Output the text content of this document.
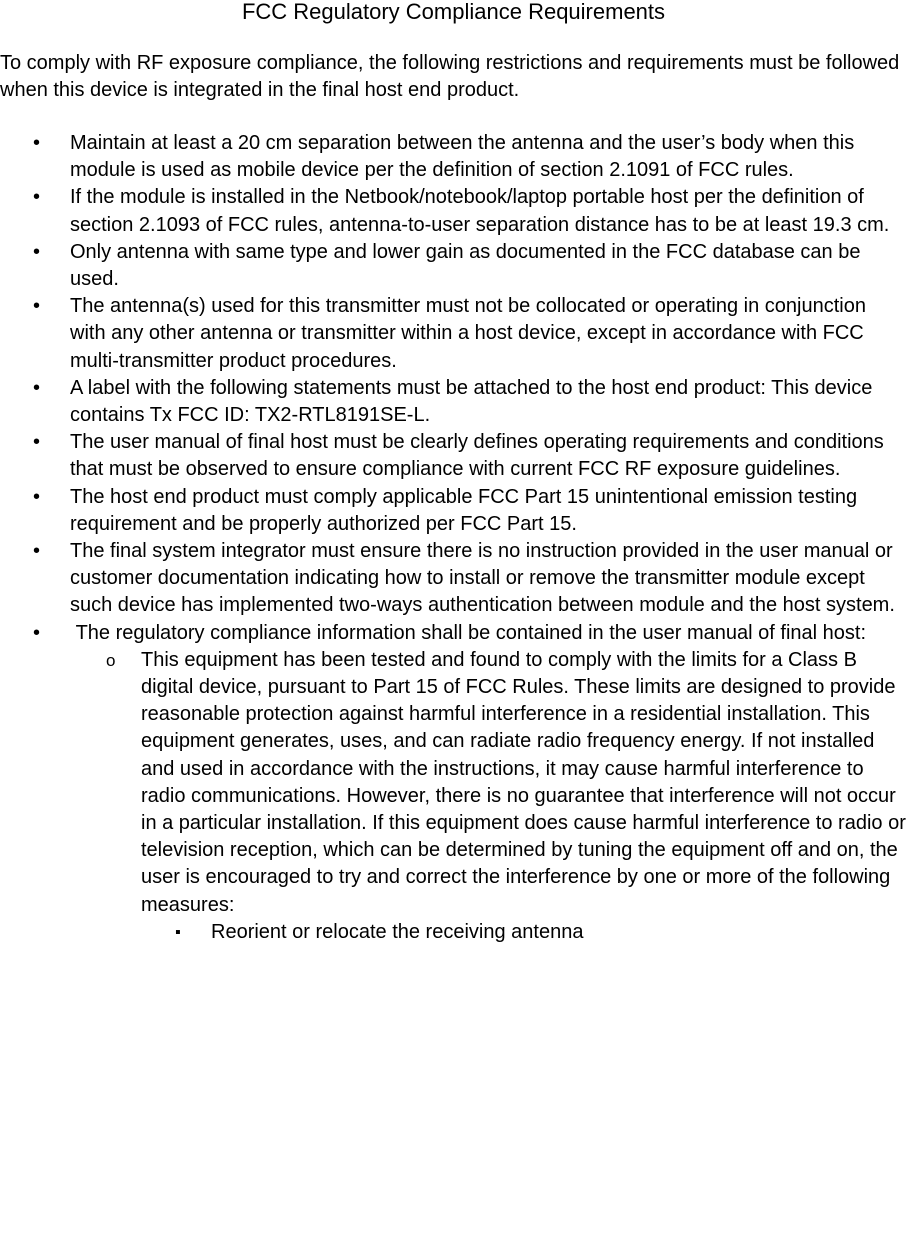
FCC Regulatory Compliance Requirements

To comply with RF exposure compliance, the following restrictions and requirements must be followed when this device is integrated in the final host end product.

• Maintain at least a 20 cm separation between the antenna and the user’s body when this module is used as mobile device per the definition of section 2.1091 of FCC rules.
• If the module is installed in the Netbook/notebook/laptop portable host per the definition of section 2.1093 of FCC rules, antenna-to-user separation distance has to be at least 19.3 cm.
• Only antenna with same type and lower gain as documented in the FCC database can be used.
• The antenna(s) used for this transmitter must not be collocated or operating in conjunction with any other antenna or transmitter within a host device, except in accordance with FCC multi-transmitter product procedures.
• A label with the following statements must be attached to the host end product: This device contains Tx FCC ID: TX2-RTL8191SE-L.
• The user manual of final host must be clearly defines operating requirements and conditions that must be observed to ensure compliance with current FCC RF exposure guidelines.
• The host end product must comply applicable FCC Part 15 unintentional emission testing requirement and be properly authorized per FCC Part 15.
• The final system integrator must ensure there is no instruction provided in the user manual or customer documentation indicating how to install or remove the transmitter module except such device has implemented two-ways authentication between module and the host system.
•  The regulatory compliance information shall be contained in the user manual of final host:
o This equipment has been tested and found to comply with the limits for a Class B digital device, pursuant to Part 15 of FCC Rules. These limits are designed to provide reasonable protection against harmful interference in a residential installation. This equipment generates, uses, and can radiate radio frequency energy. If not installed and used in accordance with the instructions, it may cause harmful interference to radio communications. However, there is no guarantee that interference will not occur in a particular installation. If this equipment does cause harmful interference to radio or television reception, which can be determined by tuning the equipment off and on, the user is encouraged to try and correct the interference by one or more of the following measures:
▪ Reorient or relocate the receiving antenna
